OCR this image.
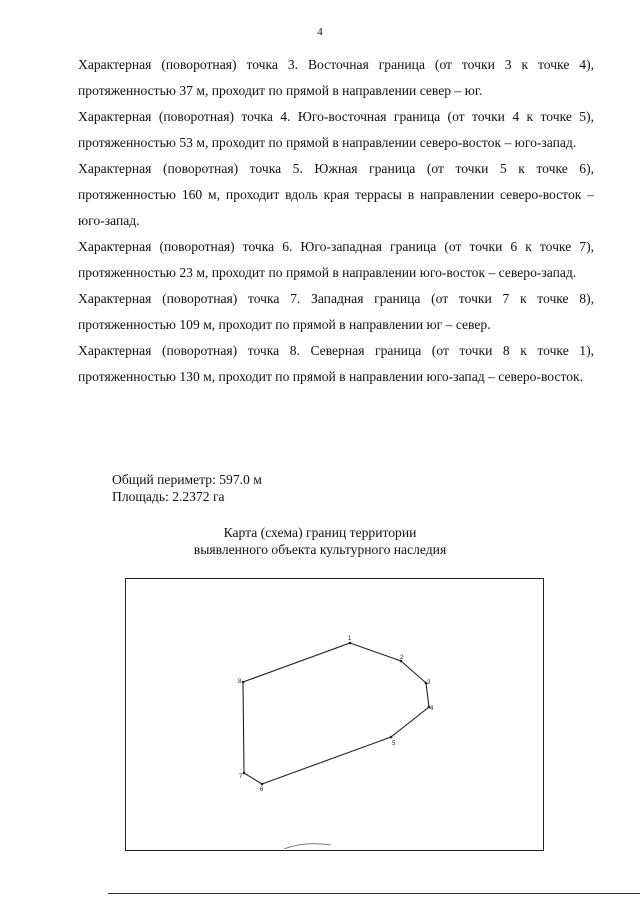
4

Характерная (поворотная) точка 3. Восточная граница (от точки 3 к точке 4), протяженностью 37 м, проходит по прямой в направлении север – юг.

Характерная (поворотная) точка 4. Юго-восточная граница (от точки 4 к точке 5), протяженностью 53 м, проходит по прямой в направлении северо-восток – юго-запад.

Характерная (поворотная) точка 5. Южная граница (от точки 5 к точке 6), протяженностью 160 м, проходит вдоль края террасы в направлении северо-восток – юго-запад.

Характерная (поворотная) точка 6. Юго-западная граница (от точки 6 к точке 7), протяженностью 23 м, проходит по прямой в направлении юго-восток – северо-запад.

Характерная (поворотная) точка 7. Западная граница (от точки 7 к точке 8), протяженностью 109 м, проходит по прямой в направлении юг – север.

Характерная (поворотная) точка 8. Северная граница (от точки 8 к точке 1), протяженностью 130 м, проходит по прямой в направлении юго-запад – северо-восток.

Общий периметр: 597.0 м
Площадь: 2.2372 га
Карта (схема) границ территории
выявленного объекта культурного наследия
1
2
3
4
5
6
7
8
